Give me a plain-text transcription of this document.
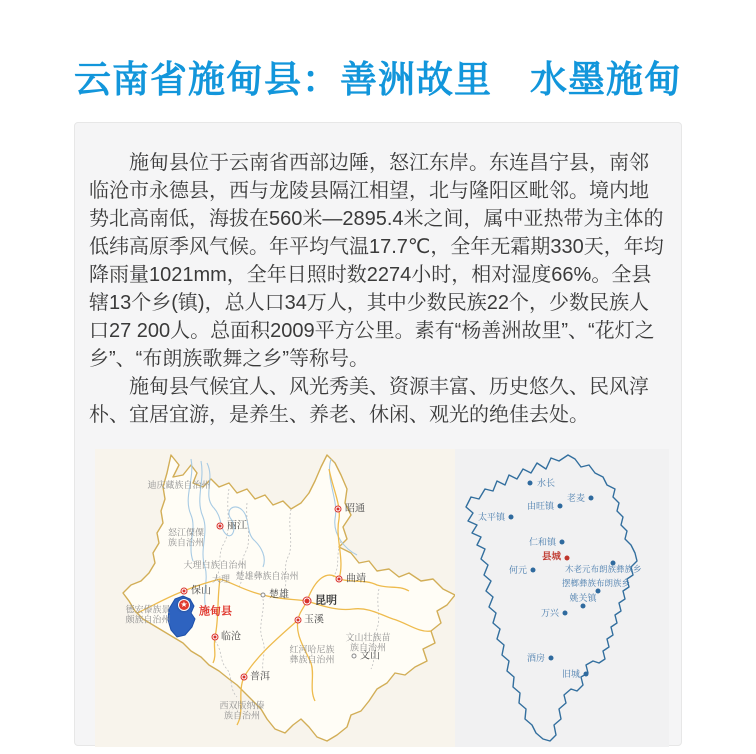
云南省施甸县：善洲故里　水墨施甸

施甸县位于云南省西部边陲，怒江东岸。东连昌宁县，南邻临沧市永德县，西与龙陵县隔江相望，北与隆阳区毗邻。境内地势北高南低，海拔在560米—2895.4米之间，属中亚热带为主体的低纬高原季风气候。年平均气温17.7℃，全年无霜期330天，年均降雨量1021mm，全年日照时数2274小时，相对湿度66%。全县辖13个乡(镇)，总人口34万人，其中少数民族22个，少数民族人口27 200人。总面积2009平方公里。素有“杨善洲故里”、“花灯之乡”、“布朗族歌舞之乡”等称号。

施甸县气候宜人、风光秀美、资源丰富、历史悠久、民风淳朴、宜居宜游，是养生、养老、休闲、观光的绝佳去处。

迪庆藏族自治州
怒江傈僳
族自治州
大理白族自治州
大理 楚雄彝族自治州
德宏傣族景
颇族自治州
红河哈尼族
彝族自治州
文山壮族苗
族自治州
西双版纳傣
族自治州
丽江
昭通
保山
曲靖
昆明
玉溪
临沧
普洱
楚雄
文山
★
施甸县
水长
老麦
由旺镇
太平镇
仁和镇
县城
木老元布朗族彝族乡
何元
摆榔彝族布朗族乡
姚关镇
万兴
酒房
旧城
